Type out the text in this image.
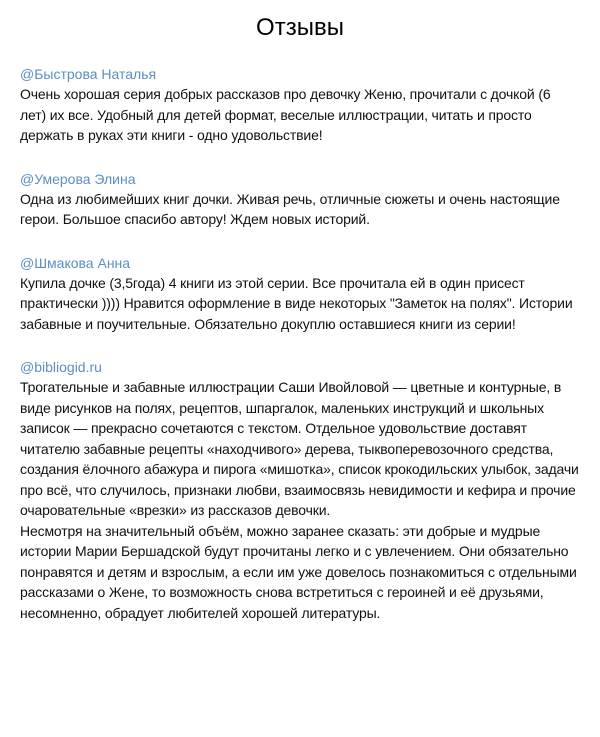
Отзывы
@Быстрова Наталья

Очень хорошая серия добрых рассказов про девочку Женю, прочитали с дочкой (6 лет) их все. Удобный для детей формат, веселые иллюстрации, читать и просто держать в руках эти книги - одно удовольствие!

@Умерова Элина

Одна из любимейших книг дочки. Живая речь, отличные сюжеты и очень настоящие герои. Большое спасибо автору! Ждем новых историй.

@Шмакова Анна

Купила дочке (3,5года) 4 книги из этой серии. Все прочитала ей в один присест практически )))) Нравится оформление в виде некоторых "Заметок на полях". Истории забавные и поучительные. Обязательно докуплю оставшиеся книги из серии!

@bibliogid.ru

Трогательные и забавные иллюстрации Саши Ивойловой — цветные и контурные, в виде рисунков на полях, рецептов, шпаргалок, маленьких инструкций и школьных записок — прекрасно сочетаются с текстом. Отдельное удовольствие доставят читателю забавные рецепты «находчивого» дерева, тыквоперевозочного средства, создания ёлочного абажура и пирога «мишотка», список крокодильских улыбок, задачи про всё, что случилось, признаки любви, взаимосвязь невидимости и кефира и прочие очаровательные «врезки» из рассказов девочки.

Несмотря на значительный объём, можно заранее сказать: эти добрые и мудрые истории Марии Бершадской будут прочитаны легко и с увлечением. Они обязательно понравятся и детям и взрослым, а если им уже довелось познакомиться с отдельными рассказами о Жене, то возможность снова встретиться с героиней и её друзьями, несомненно, обрадует любителей хорошей литературы.
